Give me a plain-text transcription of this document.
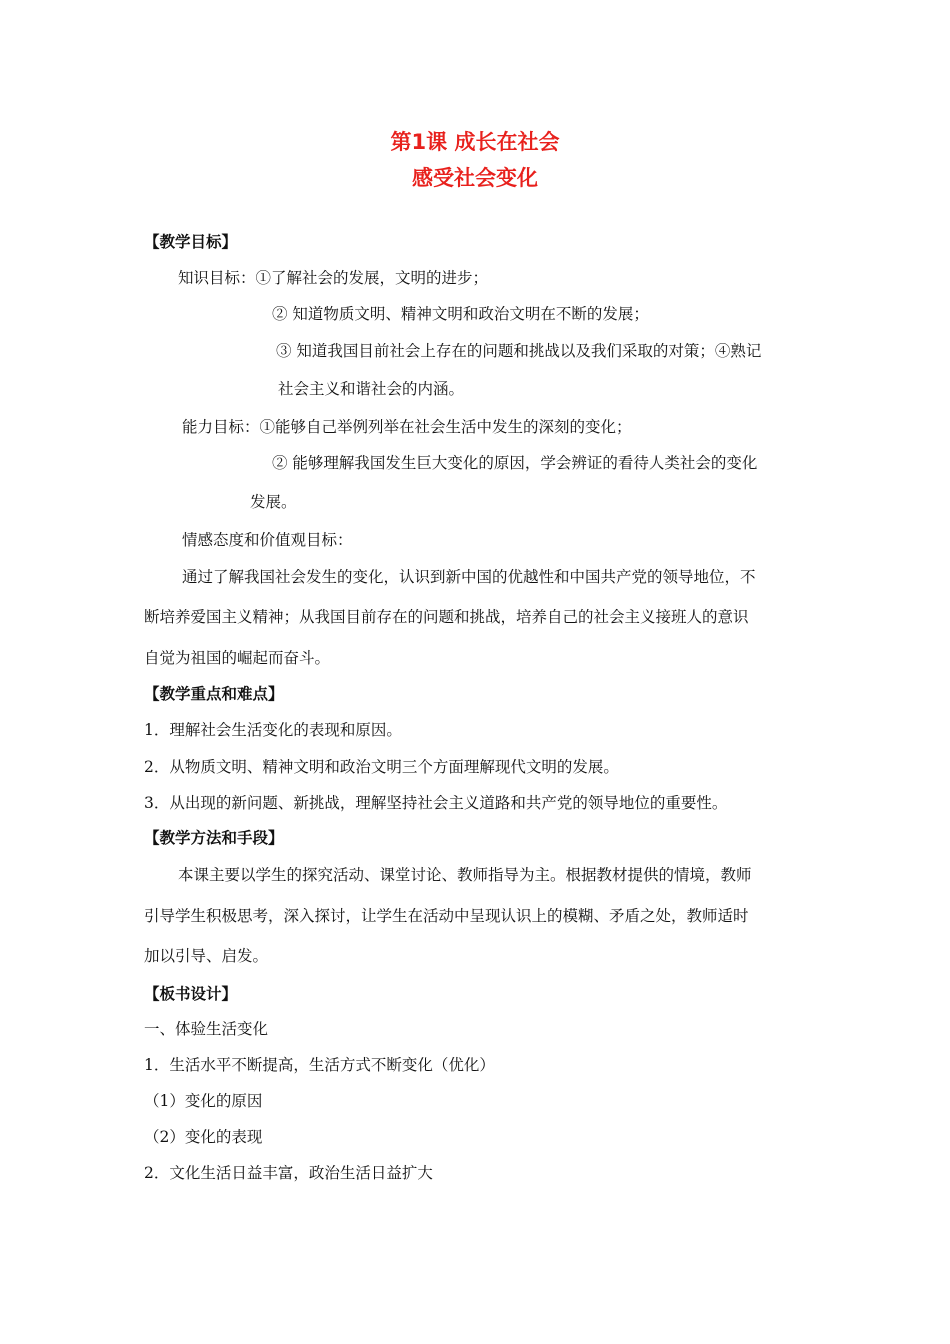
第1课 成长在社会
感受社会变化
【教学目标】
知识目标：①了解社会的发展，文明的进步；
② 知道物质文明、精神文明和政治文明在不断的发展；
③ 知道我国目前社会上存在的问题和挑战以及我们采取的对策；④熟记
社会主义和谐社会的内涵。
能力目标：①能够自己举例列举在社会生活中发生的深刻的变化；
② 能够理解我国发生巨大变化的原因，学会辨证的看待人类社会的变化
发展。
情感态度和价值观目标：
通过了解我国社会发生的变化，认识到新中国的优越性和中国共产党的领导地位，不
断培养爱国主义精神；从我国目前存在的问题和挑战，培养自己的社会主义接班人的意识
自觉为祖国的崛起而奋斗。
【教学重点和难点】
1．理解社会生活变化的表现和原因。
2．从物质文明、精神文明和政治文明三个方面理解现代文明的发展。
3．从出现的新问题、新挑战，理解坚持社会主义道路和共产党的领导地位的重要性。
【教学方法和手段】
本课主要以学生的探究活动、课堂讨论、教师指导为主。根据教材提供的情境，教师
引导学生积极思考，深入探讨，让学生在活动中呈现认识上的模糊、矛盾之处，教师适时
加以引导、启发。
【板书设计】
一、体验生活变化
1．生活水平不断提高，生活方式不断变化（优化）
（1）变化的原因
（2）变化的表现
2．文化生活日益丰富，政治生活日益扩大
